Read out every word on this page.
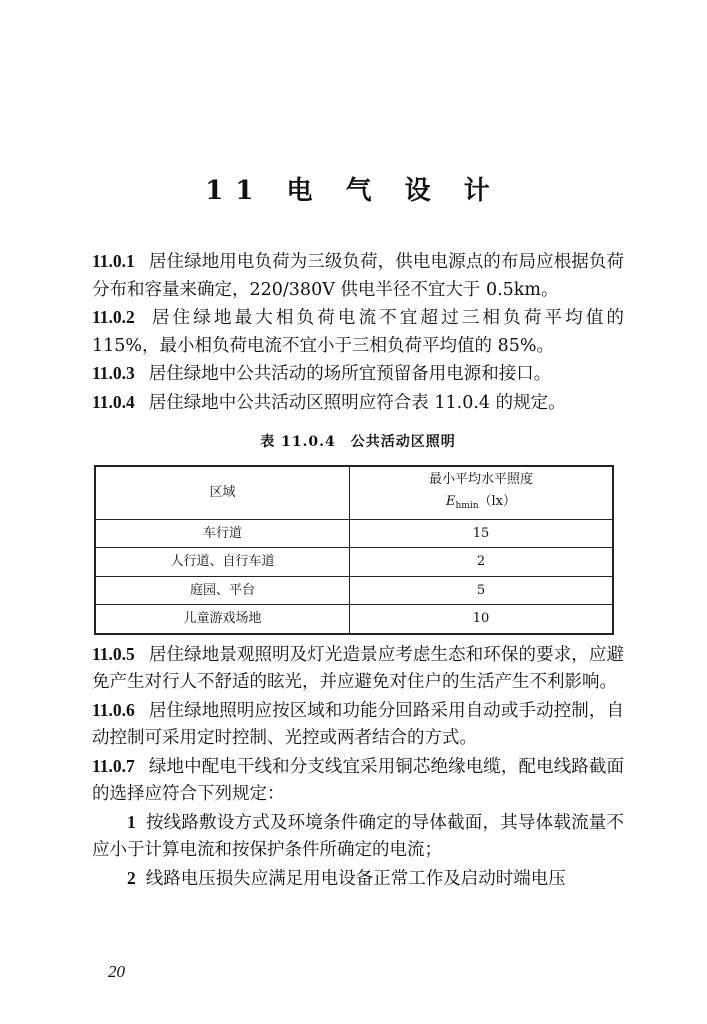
11 电 气 设 计

11.0.1 居住绿地用电负荷为三级负荷，供电电源点的布局应根据负荷分布和容量来确定，220/380V 供电半径不宜大于 0.5km。

11.0.2 居住绿地最大相负荷电流不宜超过三相负荷平均值的 115%，最小相负荷电流不宜小于三相负荷平均值的 85%。

11.0.3 居住绿地中公共活动的场所宜预留备用电源和接口。

11.0.4 居住绿地中公共活动区照明应符合表 11.0.4 的规定。

表 11.0.4　公共活动区照明
区域	最小平均水平照度
$E_{hmin}(lx)$

车行道	15
人行道、自行车道	2
庭园、平台	5
儿童游戏场地	10

11.0.5 居住绿地景观照明及灯光造景应考虑生态和环保的要求，应避免产生对行人不舒适的眩光，并应避免对住户的生活产生不利影响。

11.0.6 居住绿地照明应按区域和功能分回路采用自动或手动控制，自动控制可采用定时控制、光控或两者结合的方式。

11.0.7 绿地中配电干线和分支线宜采用铜芯绝缘电缆，配电线路截面的选择应符合下列规定：

1 按线路敷设方式及环境条件确定的导体截面，其导体载流量不应小于计算电流和按保护条件所确定的电流；

2 线路电压损失应满足用电设备正常工作及启动时端电压

20
